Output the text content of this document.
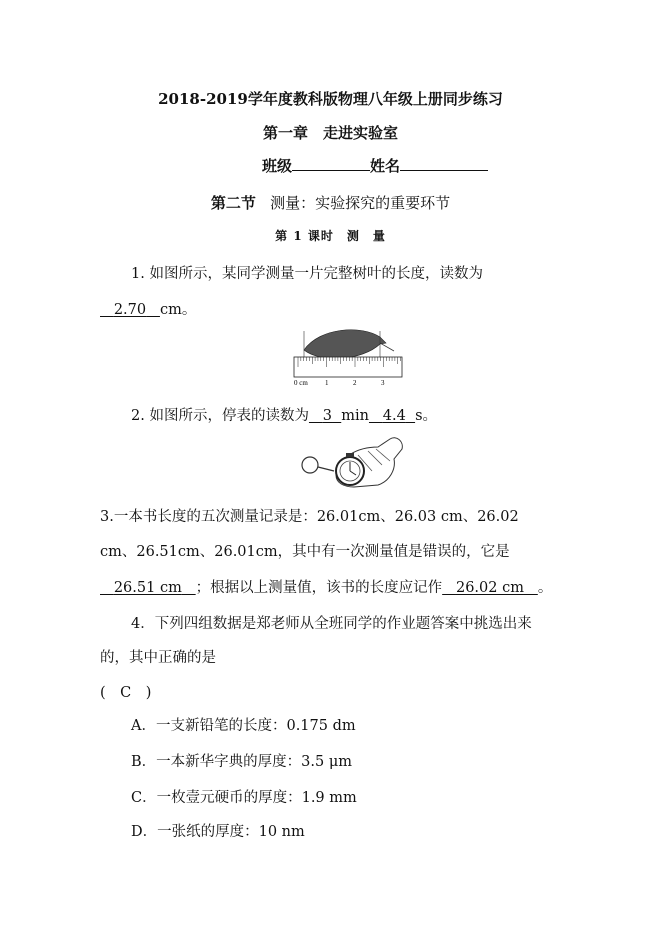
2018-2019学年度教科版物理八年级上册同步练习
第一章　走进实验室
班级	姓名
第二节 测量：实验探究的重要环节
第 1 课时　测　量
1. 如图所示，某同学测量一片完整树叶的长度，读数为
2.70 cm。
0 cm 1	2	3
2. 如图所示，停表的读数为 3 min 4.4 s。
3.一本书长度的五次测量记录是：26.01cm、26.03 cm、26.02
cm、26.51cm、26.01cm，其中有一次测量值是错误的，它是
26.51 cm ；根据以上测量值，该书的长度应记作 26.02 cm 。
4．下列四组数据是郑老师从全班同学的作业题答案中挑选出来
的，其中正确的是
(　C　)
A．一支新铅笔的长度：0.175 dm
B．一本新华字典的厚度：3.5 μm
C．一枚壹元硬币的厚度：1.9 mm
D．一张纸的厚度：10 nm
